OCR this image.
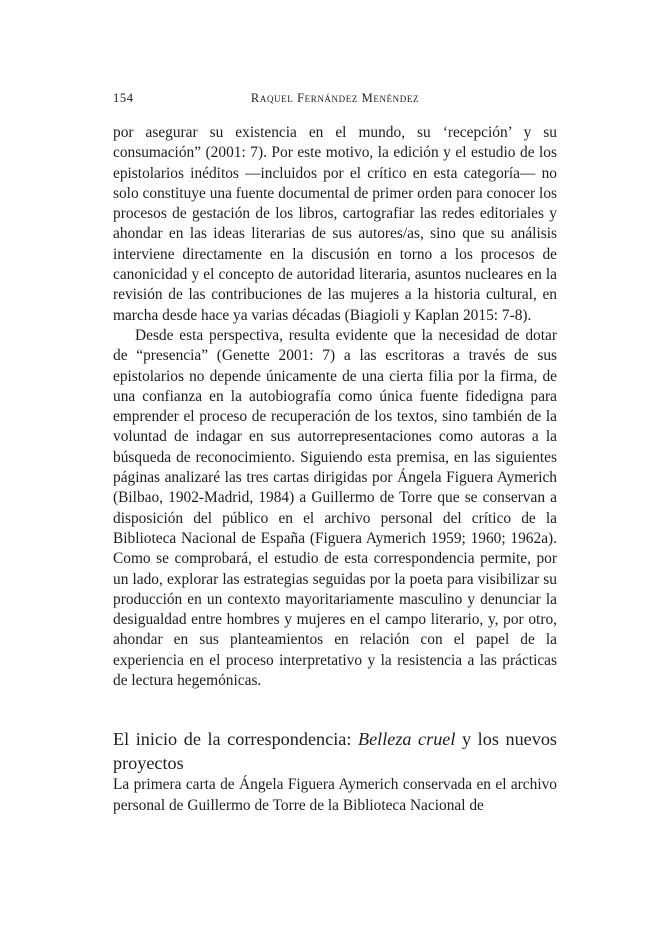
154	Raquel Fernández Menéndez

por asegurar su existencia en el mundo, su ‘recepción’ y su consumación” (2001: 7). Por este motivo, la edición y el estudio de los epistolarios inéditos —incluidos por el crítico en esta categoría— no solo constituye una fuente documental de primer orden para conocer los procesos de gestación de los libros, cartografiar las redes editoriales y ahondar en las ideas literarias de sus autores/as, sino que su análisis interviene directamente en la discusión en torno a los procesos de canonicidad y el concepto de autoridad literaria, asuntos nucleares en la revisión de las contribuciones de las mujeres a la historia cultural, en marcha desde hace ya varias décadas (Biagioli y Kaplan 2015: 7-8).

Desde esta perspectiva, resulta evidente que la necesidad de dotar de “presencia” (Genette 2001: 7) a las escritoras a través de sus epistolarios no depende únicamente de una cierta filia por la firma, de una confianza en la autobiografía como única fuente fidedigna para emprender el proceso de recuperación de los textos, sino también de la voluntad de indagar en sus autorrepresentaciones como autoras a la búsqueda de reconocimiento. Siguiendo esta premisa, en las siguientes páginas analizaré las tres cartas dirigidas por Ángela Figuera Aymerich (Bilbao, 1902-Madrid, 1984) a Guillermo de Torre que se conservan a disposición del público en el archivo personal del crítico de la Biblioteca Nacional de España (Figuera Aymerich 1959; 1960; 1962a). Como se comprobará, el estudio de esta correspondencia permite, por un lado, explorar las estrategias seguidas por la poeta para visibilizar su producción en un contexto mayoritariamente masculino y denunciar la desigualdad entre hombres y mujeres en el campo literario, y, por otro, ahondar en sus planteamientos en relación con el papel de la experiencia en el proceso interpretativo y la resistencia a las prácticas de lectura hegemónicas.

El inicio de la correspondencia: Belleza cruel y los nuevos proyectos

La primera carta de Ángela Figuera Aymerich conservada en el archivo personal de Guillermo de Torre de la Biblioteca Nacional de
